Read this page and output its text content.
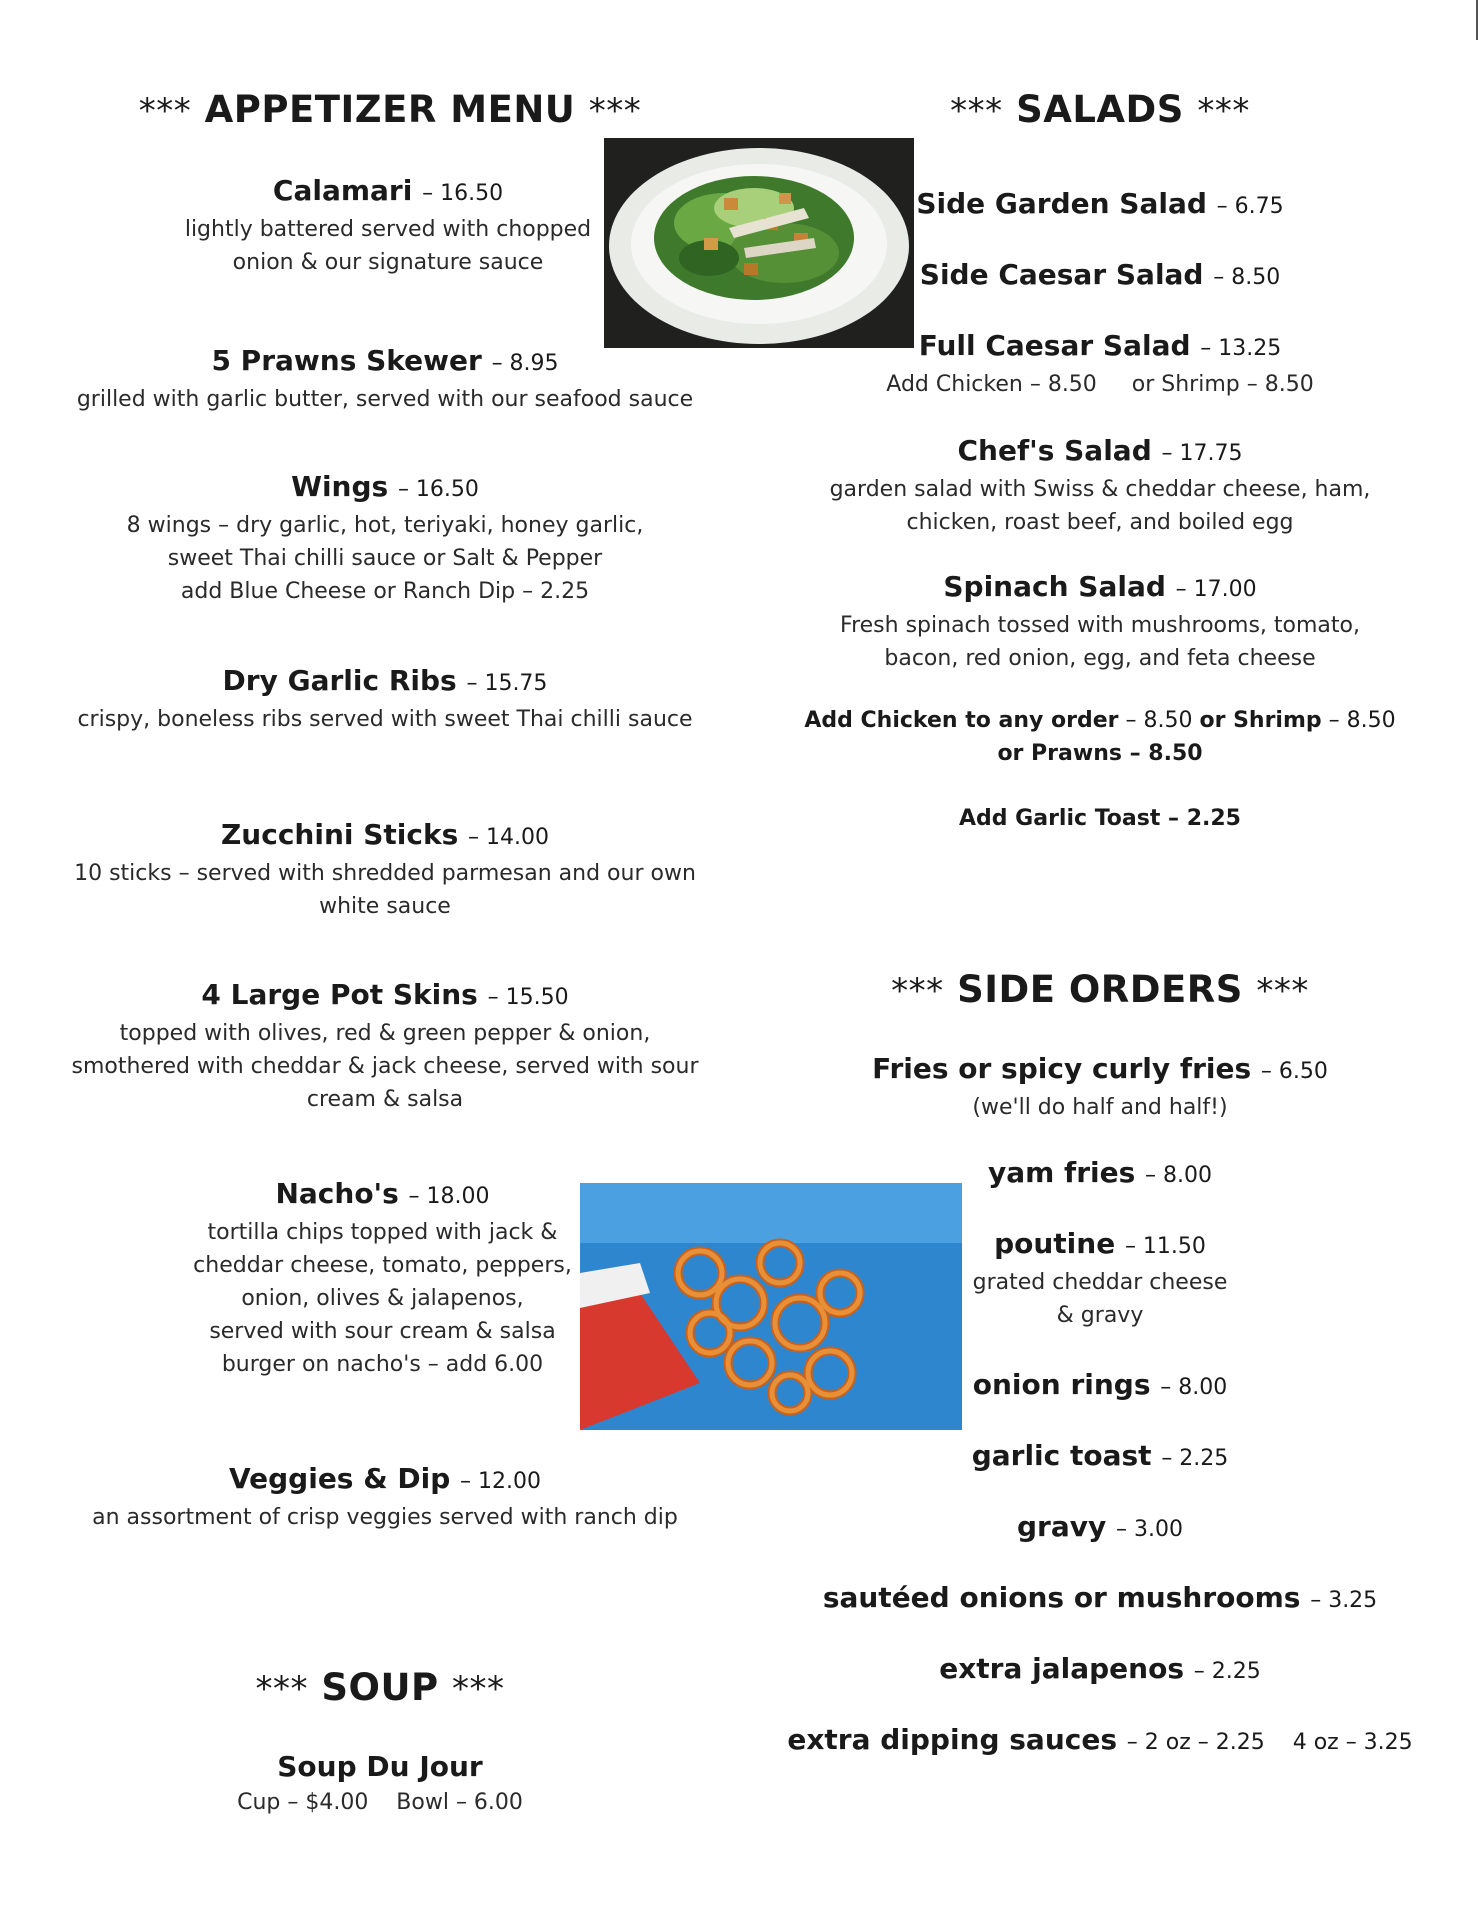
*** APPETIZER MENU ***
Calamari – 16.50
lightly battered served with chopped
onion & our signature sauce
5 Prawns Skewer – 8.95
grilled with garlic butter, served with our seafood sauce
Wings – 16.50
8 wings – dry garlic, hot, teriyaki, honey garlic,
sweet Thai chilli sauce or Salt & Pepper
add Blue Cheese or Ranch Dip – 2.25
Dry Garlic Ribs – 15.75
crispy, boneless ribs served with sweet Thai chilli sauce
Zucchini Sticks – 14.00
10 sticks – served with shredded parmesan and our own
white sauce
4 Large Pot Skins – 15.50
topped with olives, red & green pepper & onion,
smothered with cheddar & jack cheese, served with sour
cream & salsa
Nacho's – 18.00
tortilla chips topped with jack &
cheddar cheese, tomato, peppers,
onion, olives & jalapenos,
served with sour cream & salsa
burger on nacho's – add 6.00
Veggies & Dip – 12.00
an assortment of crisp veggies served with ranch dip
*** SOUP ***
Soup Du Jour
Cup – $4.00    Bowl – 6.00
*** SALADS ***
Side Garden Salad – 6.75
Side Caesar Salad – 8.50
Full Caesar Salad – 13.25
Add Chicken – 8.50     or Shrimp – 8.50
Chef's Salad – 17.75
garden salad with Swiss & cheddar cheese, ham,
chicken, roast beef, and boiled egg
Spinach Salad – 17.00
Fresh spinach tossed with mushrooms, tomato,
bacon, red onion, egg, and feta cheese
Add Chicken to any order – 8.50 or Shrimp – 8.50
or Prawns – 8.50
Add Garlic Toast – 2.25
*** SIDE ORDERS ***
Fries or spicy curly fries – 6.50
(we'll do half and half!)
yam fries – 8.00
poutine – 11.50
grated cheddar cheese
& gravy
onion rings – 8.00
garlic toast – 2.25
gravy – 3.00
sautéed onions or mushrooms – 3.25
extra jalapenos – 2.25
extra dipping sauces – 2 oz – 2.25    4 oz – 3.25
